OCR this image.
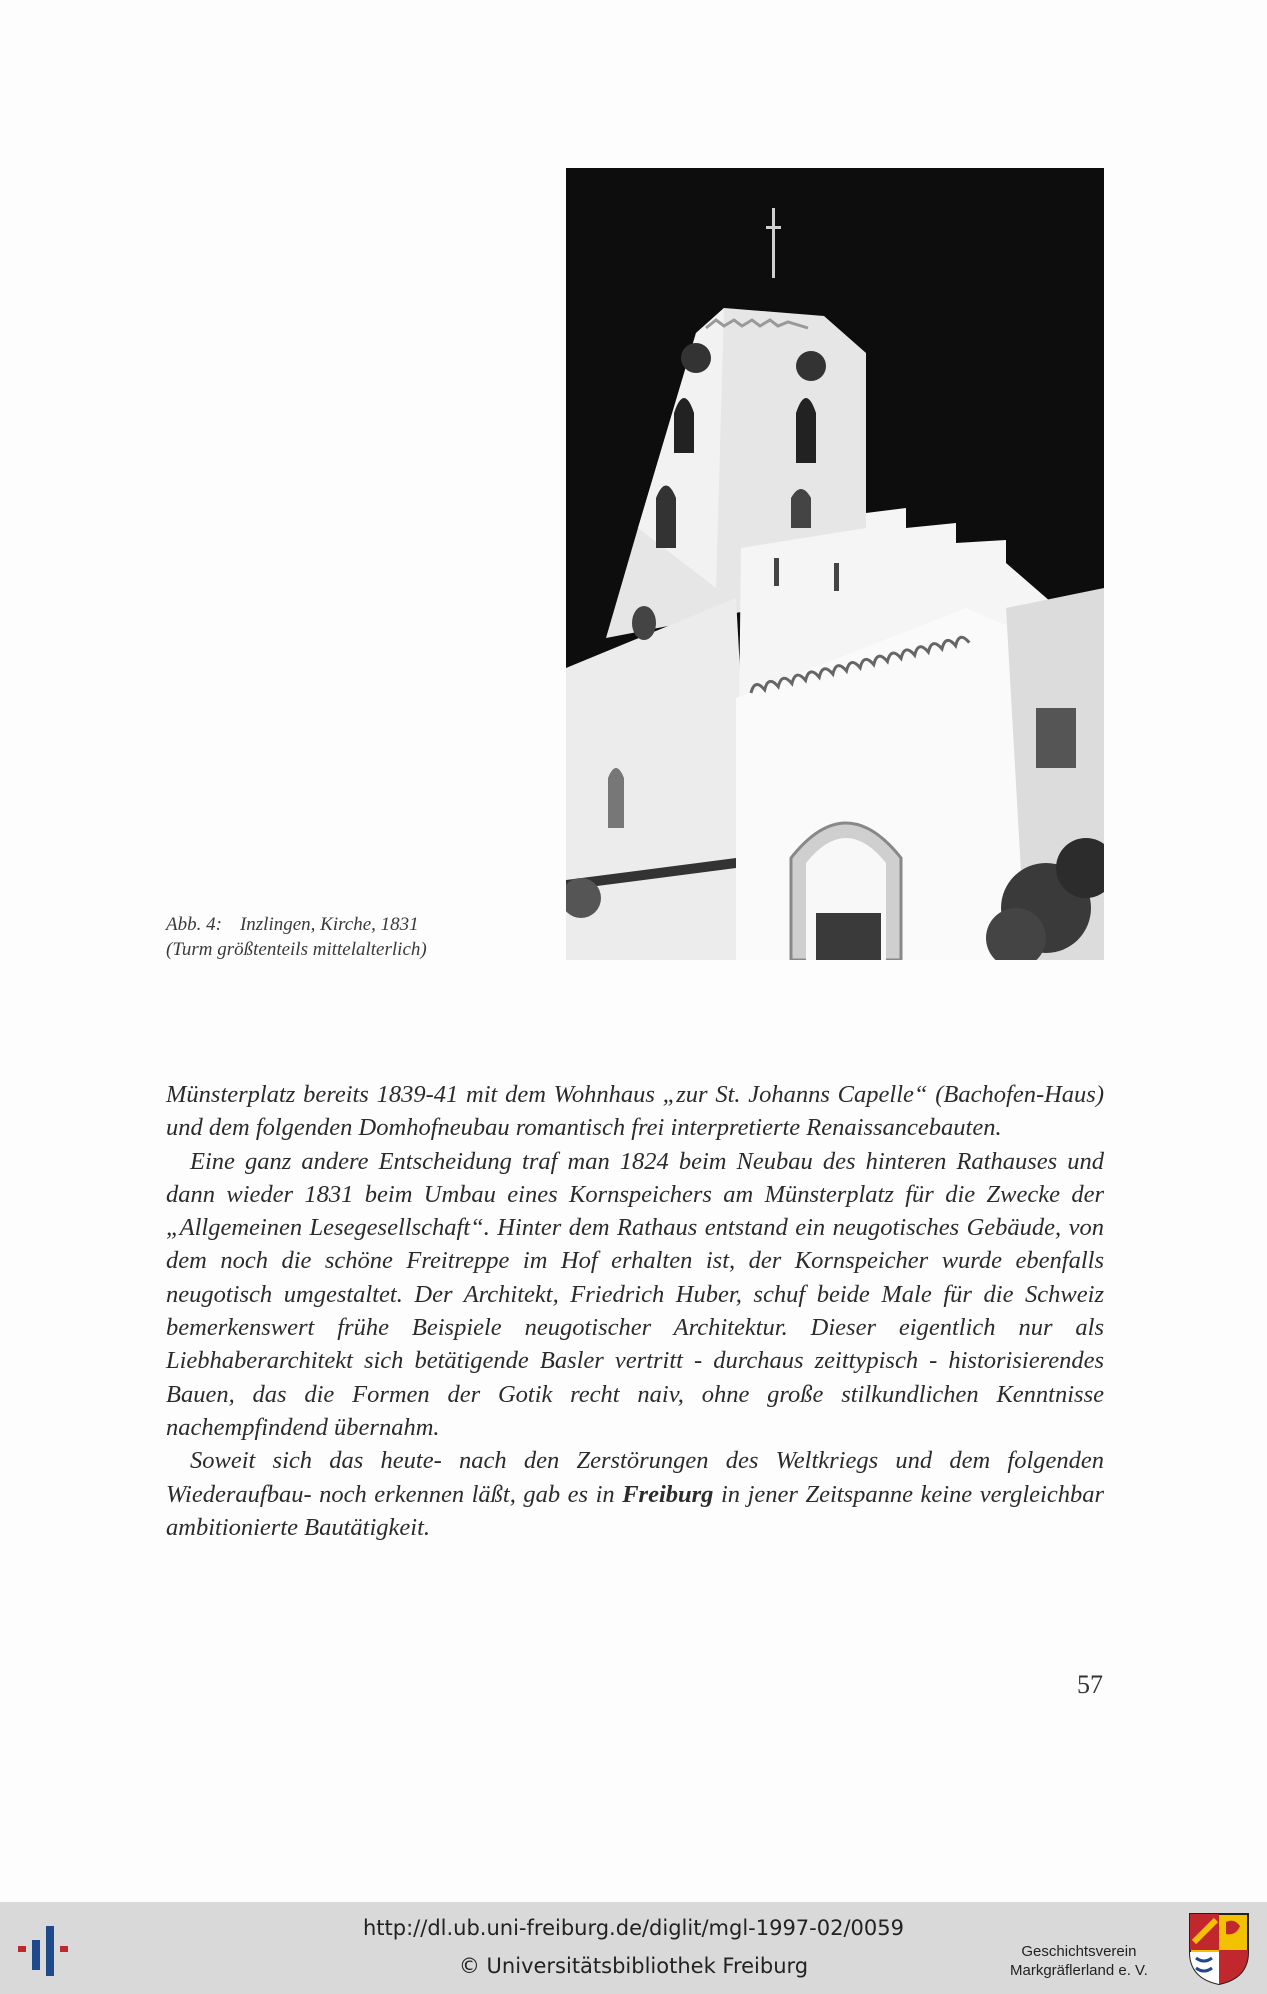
Abb. 4: Inzlingen, Kirche, 1831
(Turm größtenteils mittelalterlich)

Münsterplatz bereits 1839-41 mit dem Wohnhaus „zur St. Johanns Capelle“ (Bachofen-Haus) und dem folgenden Domhofneubau romantisch frei interpretierte Renaissancebauten.

Eine ganz andere Entscheidung traf man 1824 beim Neubau des hinteren Rathauses und dann wieder 1831 beim Umbau eines Kornspeichers am Münsterplatz für die Zwecke der „Allgemeinen Lesegesellschaft“. Hinter dem Rathaus entstand ein neugotisches Gebäude, von dem noch die schöne Freitreppe im Hof erhalten ist, der Kornspeicher wurde ebenfalls neugotisch umgestaltet. Der Architekt, Friedrich Huber, schuf beide Male für die Schweiz bemerkenswert frühe Beispiele neugotischer Architektur. Dieser eigentlich nur als Liebhaberarchitekt sich betätigende Basler vertritt - durchaus zeittypisch - historisierendes Bauen, das die Formen der Gotik recht naiv, ohne große stilkundlichen Kenntnisse nachempfindend übernahm.

Soweit sich das heute- nach den Zerstörungen des Weltkriegs und dem folgenden Wiederaufbau- noch erkennen läßt, gab es in Freiburg in jener Zeitspanne keine vergleichbar ambitionierte Bautätigkeit.

57
http://dl.ub.uni-freiburg.de/diglit/mgl-1997-02/0059
© Universitätsbibliothek Freiburg
Geschichtsverein
Markgräflerland e. V.
